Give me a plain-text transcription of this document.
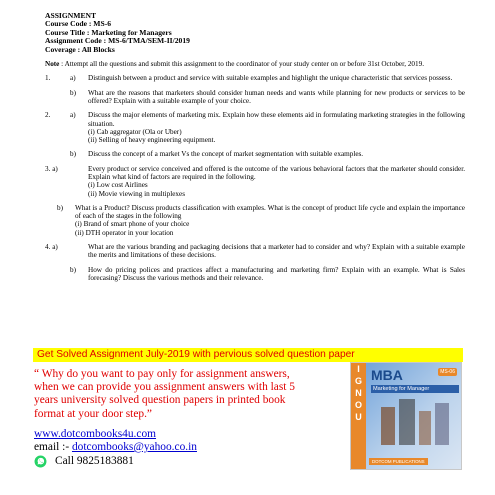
ASSIGNMENT
Course Code : MS-6
Course Title : Marketing for Managers
Assignment Code : MS-6/TMA/SEM-II/2019
Coverage : All Blocks
Note : Attempt all the questions and submit this assignment to the coordinator of your study center on or before 31st October, 2019.
1.	a)	Distinguish between a product and service with suitable examples and highlight the unique characteristic that services possess.
b)	What are the reasons that marketers should consider human needs and wants while planning for new products or services to be offered? Explain with a suitable example of your choice.
2.	a)	Discuss the major elements of marketing mix. Explain how these elements aid in formulating marketing strategies in the following situation.
(i) Cab aggregator (Ola or Uber)
(ii) Selling of heavy engineering equipment.
b)	Discuss the concept of a market Vs the concept of market segmentation with suitable examples.
3. a)	Every product or service conceived and offered is the outcome of the various behavioral factors that the marketer should consider. Explain what kind of factors are required in the following.
(i) Low cost Airlines
(ii) Movie viewing in multiplexes
b)	What is a Product? Discuss products classification with examples. What is the concept of product life cycle and explain the importance of each of the stages in the following
(i) Brand of smart phone of your choice
(ii) DTH operator in your location
4. a)	What are the various branding and packaging decisions that a marketer had to consider and why? Explain with a suitable example the merits and limitations of these decisions.
b)	How do pricing polices and practices affect a manufacturing and marketing firm? Explain with an example. What is Sales forecasing? Discuss the various methods and their relevance.
Get Solved Assignment July-2019 with pervious solved question paper
“ Why do you want to pay only for assignment answers, when we can provide you assignment answers with last 5 years university solved question papers in printed book format at your door step.”
www.dotcombooks4u.com
email :- dotcombooks@yahoo.co.in
Call 9825183881
I
G
N
O
U
MBA	MS-06
Marketing for Manager
DOTCOM PUBLICATIONS
